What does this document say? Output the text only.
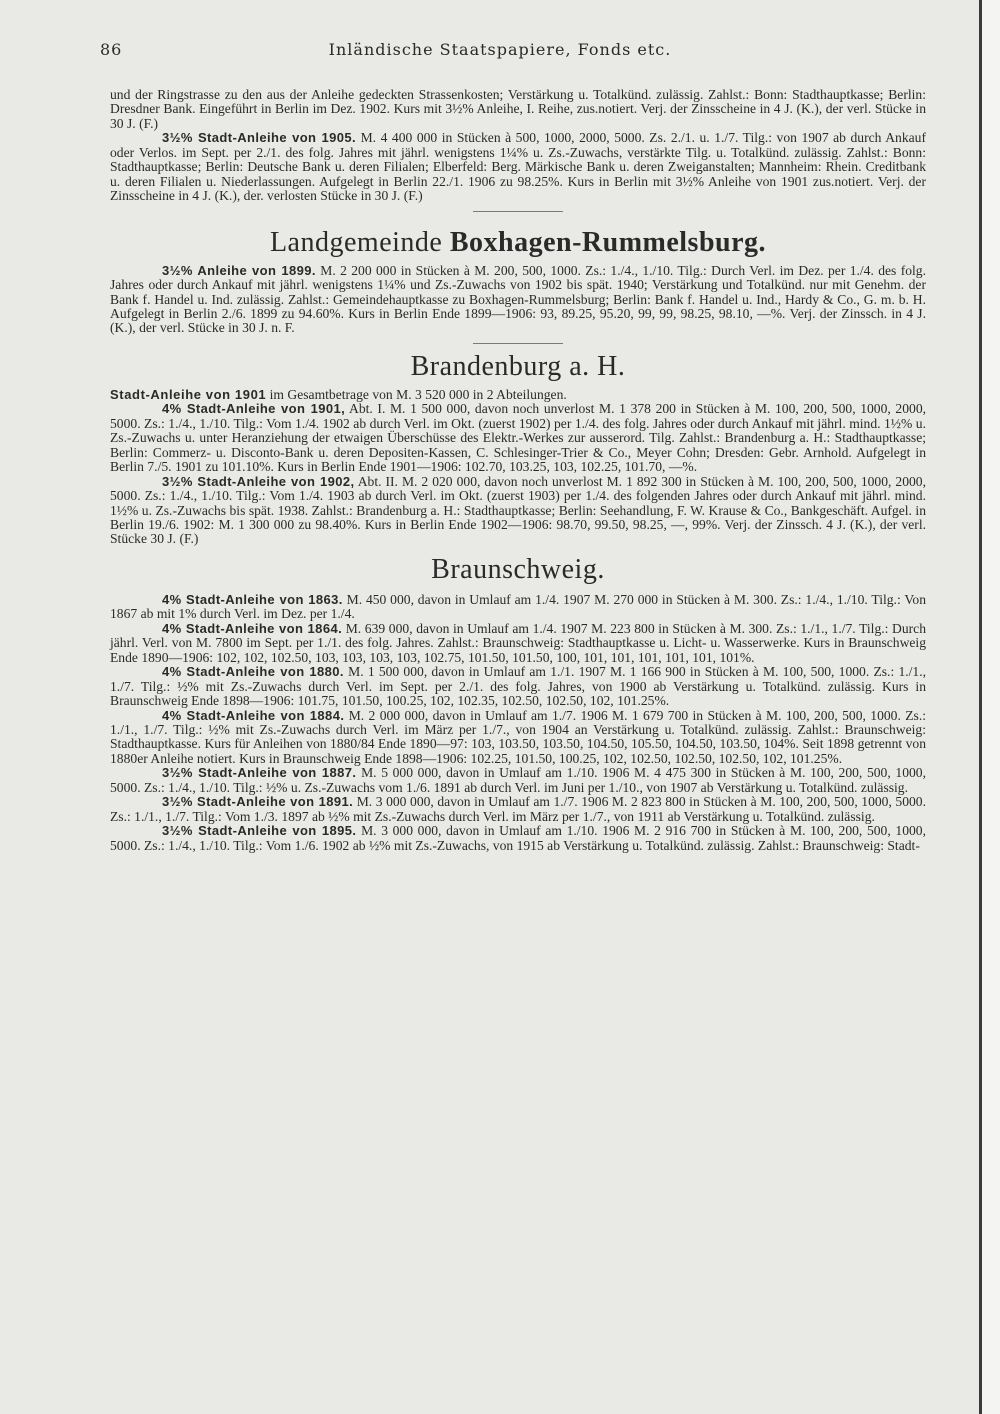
86	Inländische Staatspapiere, Fonds etc.

und der Ringstrasse zu den aus der Anleihe gedeckten Strassenkosten; Verstärkung u. Totalkünd. zulässig. Zahlst.: Bonn: Stadthauptkasse; Berlin: Dresdner Bank. Eingeführt in Berlin im Dez. 1902. Kurs mit 3½% Anleihe, I. Reihe, zus.notiert. Verj. der Zinsscheine in 4 J. (K.), der verl. Stücke in 30 J. (F.)

3½% Stadt-Anleihe von 1905. M. 4 400 000 in Stücken à 500, 1000, 2000, 5000. Zs. 2./1. u. 1./7. Tilg.: von 1907 ab durch Ankauf oder Verlos. im Sept. per 2./1. des folg. Jahres mit jährl. wenigstens 1¼% u. Zs.-Zuwachs, verstärkte Tilg. u. Totalkünd. zulässig. Zahlst.: Bonn: Stadthauptkasse; Berlin: Deutsche Bank u. deren Filialen; Elberfeld: Berg. Märkische Bank u. deren Zweiganstalten; Mannheim: Rhein. Creditbank u. deren Filialen u. Niederlassungen. Aufgelegt in Berlin 22./1. 1906 zu 98.25%. Kurs in Berlin mit 3½% Anleihe von 1901 zus.notiert. Verj. der Zinsscheine in 4 J. (K.), der. verlosten Stücke in 30 J. (F.)

Landgemeinde Boxhagen-Rummelsburg.

3½% Anleihe von 1899. M. 2 200 000 in Stücken à M. 200, 500, 1000. Zs.: 1./4., 1./10. Tilg.: Durch Verl. im Dez. per 1./4. des folg. Jahres oder durch Ankauf mit jährl. wenigstens 1¼% und Zs.-Zuwachs von 1902 bis spät. 1940; Verstärkung und Totalkünd. nur mit Genehm. der Bank f. Handel u. Ind. zulässig. Zahlst.: Gemeindehauptkasse zu Boxhagen-Rummelsburg; Berlin: Bank f. Handel u. Ind., Hardy & Co., G. m. b. H. Aufgelegt in Berlin 2./6. 1899 zu 94.60%. Kurs in Berlin Ende 1899—1906: 93, 89.25, 95.20, 99, 99, 98.25, 98.10, —%. Verj. der Zinssch. in 4 J. (K.), der verl. Stücke in 30 J. n. F.

Brandenburg a. H.

Stadt-Anleihe von 1901 im Gesamtbetrage von M. 3 520 000 in 2 Abteilungen.

4% Stadt-Anleihe von 1901, Abt. I. M. 1 500 000, davon noch unverlost M. 1 378 200 in Stücken à M. 100, 200, 500, 1000, 2000, 5000. Zs.: 1./4., 1./10. Tilg.: Vom 1./4. 1902 ab durch Verl. im Okt. (zuerst 1902) per 1./4. des folg. Jahres oder durch Ankauf mit jährl. mind. 1½% u. Zs.-Zuwachs u. unter Heranziehung der etwaigen Überschüsse des Elektr.-Werkes zur ausserord. Tilg. Zahlst.: Brandenburg a. H.: Stadthauptkasse; Berlin: Commerz- u. Disconto-Bank u. deren Depositen-Kassen, C. Schlesinger-Trier & Co., Meyer Cohn; Dresden: Gebr. Arnhold. Aufgelegt in Berlin 7./5. 1901 zu 101.10%. Kurs in Berlin Ende 1901—1906: 102.70, 103.25, 103, 102.25, 101.70, —%.

3½% Stadt-Anleihe von 1902, Abt. II. M. 2 020 000, davon noch unverlost M. 1 892 300 in Stücken à M. 100, 200, 500, 1000, 2000, 5000. Zs.: 1./4., 1./10. Tilg.: Vom 1./4. 1903 ab durch Verl. im Okt. (zuerst 1903) per 1./4. des folgenden Jahres oder durch Ankauf mit jährl. mind. 1½% u. Zs.-Zuwachs bis spät. 1938. Zahlst.: Brandenburg a. H.: Stadthauptkasse; Berlin: Seehandlung, F. W. Krause & Co., Bankgeschäft. Aufgel. in Berlin 19./6. 1902: M. 1 300 000 zu 98.40%. Kurs in Berlin Ende 1902—1906: 98.70, 99.50, 98.25, —, 99%. Verj. der Zinssch. 4 J. (K.), der verl. Stücke 30 J. (F.)

Braunschweig.

4% Stadt-Anleihe von 1863. M. 450 000, davon in Umlauf am 1./4. 1907 M. 270 000 in Stücken à M. 300. Zs.: 1./4., 1./10. Tilg.: Von 1867 ab mit 1% durch Verl. im Dez. per 1./4.

4% Stadt-Anleihe von 1864. M. 639 000, davon in Umlauf am 1./4. 1907 M. 223 800 in Stücken à M. 300. Zs.: 1./1., 1./7. Tilg.: Durch jährl. Verl. von M. 7800 im Sept. per 1./1. des folg. Jahres. Zahlst.: Braunschweig: Stadthauptkasse u. Licht- u. Wasserwerke. Kurs in Braunschweig Ende 1890—1906: 102, 102, 102.50, 103, 103, 103, 103, 102.75, 101.50, 101.50, 100, 101, 101, 101, 101, 101, 101%.

4% Stadt-Anleihe von 1880. M. 1 500 000, davon in Umlauf am 1./1. 1907 M. 1 166 900 in Stücken à M. 100, 500, 1000. Zs.: 1./1., 1./7. Tilg.: ½% mit Zs.-Zuwachs durch Verl. im Sept. per 2./1. des folg. Jahres, von 1900 ab Verstärkung u. Totalkünd. zulässig. Kurs in Braunschweig Ende 1898—1906: 101.75, 101.50, 100.25, 102, 102.35, 102.50, 102.50, 102, 101.25%.

4% Stadt-Anleihe von 1884. M. 2 000 000, davon in Umlauf am 1./7. 1906 M. 1 679 700 in Stücken à M. 100, 200, 500, 1000. Zs.: 1./1., 1./7. Tilg.: ½% mit Zs.-Zuwachs durch Verl. im März per 1./7., von 1904 an Verstärkung u. Totalkünd. zulässig. Zahlst.: Braunschweig: Stadthauptkasse. Kurs für Anleihen von 1880/84 Ende 1890—97: 103, 103.50, 103.50, 104.50, 105.50, 104.50, 103.50, 104%. Seit 1898 getrennt von 1880er Anleihe notiert. Kurs in Braunschweig Ende 1898—1906: 102.25, 101.50, 100.25, 102, 102.50, 102.50, 102.50, 102, 101.25%.

3½% Stadt-Anleihe von 1887. M. 5 000 000, davon in Umlauf am 1./10. 1906 M. 4 475 300 in Stücken à M. 100, 200, 500, 1000, 5000. Zs.: 1./4., 1./10. Tilg.: ½% u. Zs.-Zuwachs vom 1./6. 1891 ab durch Verl. im Juni per 1./10., von 1907 ab Verstärkung u. Totalkünd. zulässig.

3½% Stadt-Anleihe von 1891. M. 3 000 000, davon in Umlauf am 1./7. 1906 M. 2 823 800 in Stücken à M. 100, 200, 500, 1000, 5000. Zs.: 1./1., 1./7. Tilg.: Vom 1./3. 1897 ab ½% mit Zs.-Zuwachs durch Verl. im März per 1./7., von 1911 ab Verstärkung u. Totalkünd. zulässig.

3½% Stadt-Anleihe von 1895. M. 3 000 000, davon in Umlauf am 1./10. 1906 M. 2 916 700 in Stücken à M. 100, 200, 500, 1000, 5000. Zs.: 1./4., 1./10. Tilg.: Vom 1./6. 1902 ab ½% mit Zs.-Zuwachs, von 1915 ab Verstärkung u. Totalkünd. zulässig. Zahlst.: Braunschweig: Stadt-
